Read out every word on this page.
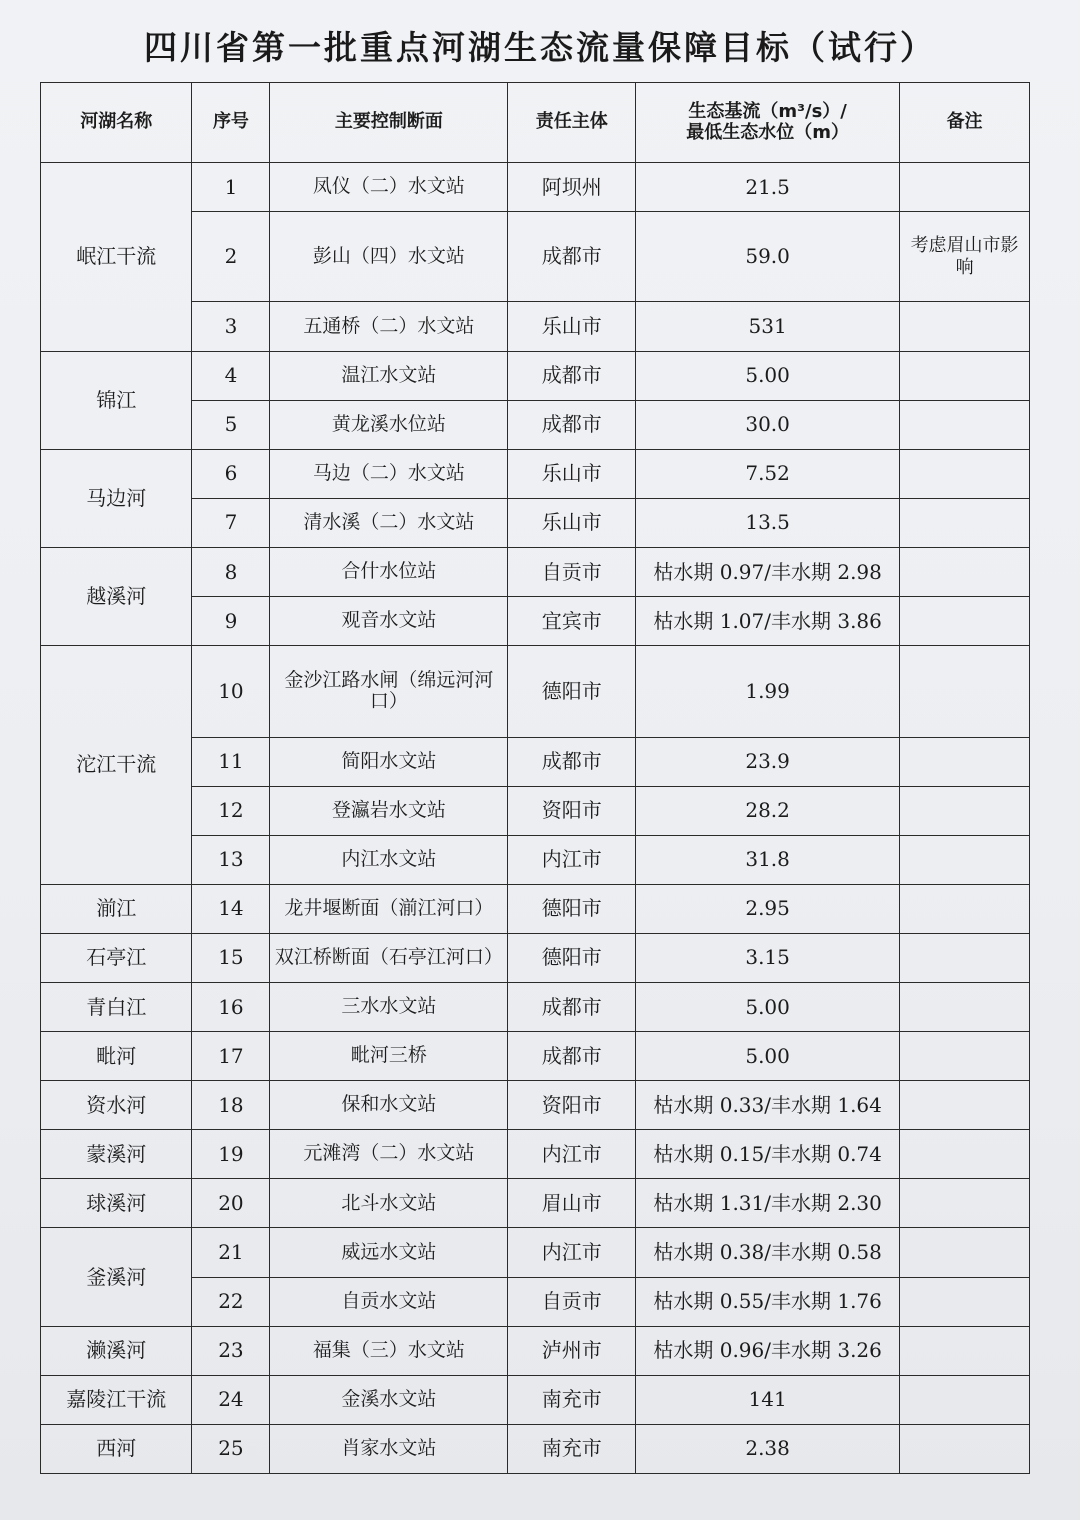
四川省第一批重点河湖生态流量保障目标（试行）
河湖名称	序号	主要控制断面	责任主体	生态基流（m³/s）/
最低生态水位（m）	备注
岷江干流	1	凤仪（二）水文站	阿坝州	21.5	
	2	彭山（四）水文站	成都市	59.0	考虑眉山市影响
	3	五通桥（二）水文站	乐山市	531	
锦江	4	温江水文站	成都市	5.00	
	5	黄龙溪水位站	成都市	30.0	
马边河	6	马边（二）水文站	乐山市	7.52	
	7	清水溪（二）水文站	乐山市	13.5	
越溪河	8	合什水位站	自贡市	枯水期 0.97/丰水期 2.98	
	9	观音水文站	宜宾市	枯水期 1.07/丰水期 3.86	
沱江干流	10	金沙江路水闸（绵远河河口）	德阳市	1.99	
	11	简阳水文站	成都市	23.9	
	12	登瀛岩水文站	资阳市	28.2	
	13	内江水文站	内江市	31.8	
湔江	14	龙井堰断面（湔江河口）	德阳市	2.95	
石亭江	15	双江桥断面（石亭江河口）	德阳市	3.15	
青白江	16	三水水文站	成都市	5.00	
毗河	17	毗河三桥	成都市	5.00	
资水河	18	保和水文站	资阳市	枯水期 0.33/丰水期 1.64	
蒙溪河	19	元滩湾（二）水文站	内江市	枯水期 0.15/丰水期 0.74	
球溪河	20	北斗水文站	眉山市	枯水期 1.31/丰水期 2.30	
釜溪河	21	威远水文站	内江市	枯水期 0.38/丰水期 0.58	
	22	自贡水文站	自贡市	枯水期 0.55/丰水期 1.76	
濑溪河	23	福集（三）水文站	泸州市	枯水期 0.96/丰水期 3.26	
嘉陵江干流	24	金溪水文站	南充市	141	
西河	25	肖家水文站	南充市	2.38	
